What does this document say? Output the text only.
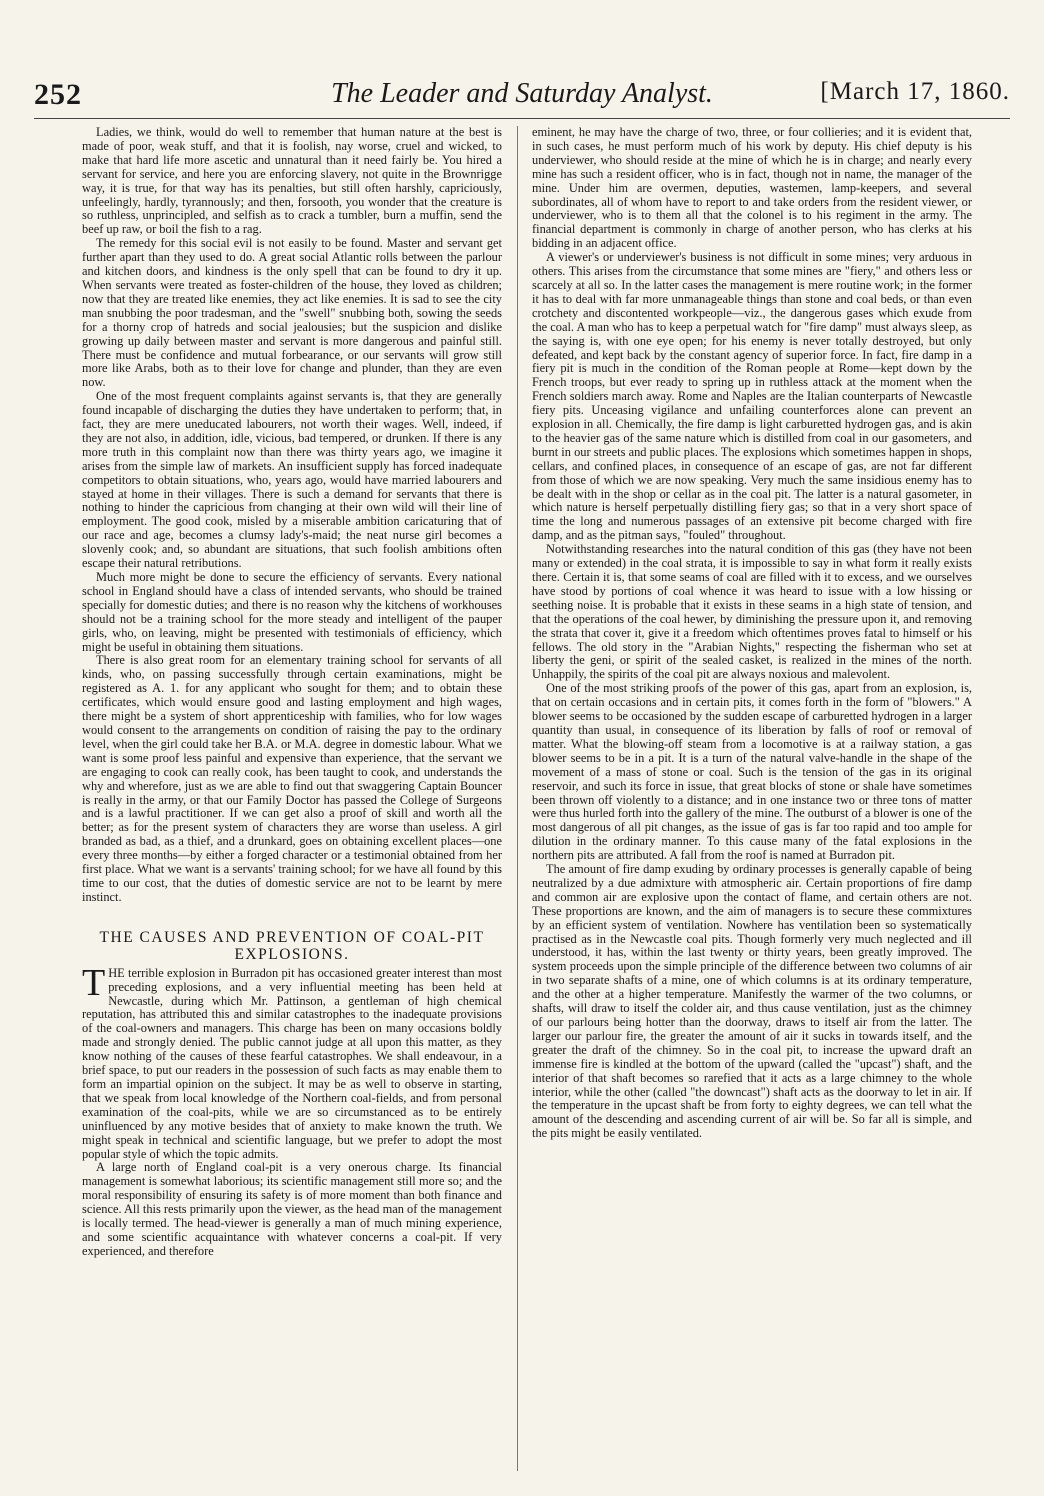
252	The Leader and Saturday Analyst.	[March 17, 1860.

Ladies, we think, would do well to remember that human nature at the best is made of poor, weak stuff, and that it is foolish, nay worse, cruel and wicked, to make that hard life more ascetic and unnatural than it need fairly be. You hired a servant for service, and here you are enforcing slavery, not quite in the Brownrigge way, it is true, for that way has its penalties, but still often harshly, capriciously, unfeelingly, hardly, tyrannously; and then, forsooth, you wonder that the creature is so ruthless, unprincipled, and selfish as to crack a tumbler, burn a muffin, send the beef up raw, or boil the fish to a rag.

The remedy for this social evil is not easily to be found. Master and servant get further apart than they used to do. A great social Atlantic rolls between the parlour and kitchen doors, and kindness is the only spell that can be found to dry it up. When servants were treated as foster-children of the house, they loved as children; now that they are treated like enemies, they act like enemies. It is sad to see the city man snubbing the poor tradesman, and the "swell" snubbing both, sowing the seeds for a thorny crop of hatreds and social jealousies; but the suspicion and dislike growing up daily between master and servant is more dangerous and painful still. There must be confidence and mutual forbearance, or our servants will grow still more like Arabs, both as to their love for change and plunder, than they are even now.

One of the most frequent complaints against servants is, that they are generally found incapable of discharging the duties they have undertaken to perform; that, in fact, they are mere uneducated labourers, not worth their wages. Well, indeed, if they are not also, in addition, idle, vicious, bad tempered, or drunken. If there is any more truth in this complaint now than there was thirty years ago, we imagine it arises from the simple law of markets. An insufficient supply has forced inadequate competitors to obtain situations, who, years ago, would have married labourers and stayed at home in their villages. There is such a demand for servants that there is nothing to hinder the capricious from changing at their own wild will their line of employment. The good cook, misled by a miserable ambition caricaturing that of our race and age, becomes a clumsy lady's-maid; the neat nurse girl becomes a slovenly cook; and, so abundant are situations, that such foolish ambitions often escape their natural retributions.

Much more might be done to secure the efficiency of servants. Every national school in England should have a class of intended servants, who should be trained specially for domestic duties; and there is no reason why the kitchens of workhouses should not be a training school for the more steady and intelligent of the pauper girls, who, on leaving, might be presented with testimonials of efficiency, which might be useful in obtaining them situations.

There is also great room for an elementary training school for servants of all kinds, who, on passing successfully through certain examinations, might be registered as A. 1. for any applicant who sought for them; and to obtain these certificates, which would ensure good and lasting employment and high wages, there might be a system of short apprenticeship with families, who for low wages would consent to the arrangements on condition of raising the pay to the ordinary level, when the girl could take her B.A. or M.A. degree in domestic labour. What we want is some proof less painful and expensive than experience, that the servant we are engaging to cook can really cook, has been taught to cook, and understands the why and wherefore, just as we are able to find out that swaggering Captain Bouncer is really in the army, or that our Family Doctor has passed the College of Surgeons and is a lawful practitioner. If we can get also a proof of skill and worth all the better; as for the present system of characters they are worse than useless. A girl branded as bad, as a thief, and a drunkard, goes on obtaining excellent places—one every three months—by either a forged character or a testimonial obtained from her first place. What we want is a servants' training school; for we have all found by this time to our cost, that the duties of domestic service are not to be learnt by mere instinct.

THE CAUSES AND PREVENTION OF COAL-PIT EXPLOSIONS.

THE terrible explosion in Burradon pit has occasioned greater interest than most preceding explosions, and a very influential meeting has been held at Newcastle, during which Mr. Pattinson, a gentleman of high chemical reputation, has attributed this and similar catastrophes to the inadequate provisions of the coal-owners and managers. This charge has been on many occasions boldly made and strongly denied. The public cannot judge at all upon this matter, as they know nothing of the causes of these fearful catastrophes. We shall endeavour, in a brief space, to put our readers in the possession of such facts as may enable them to form an impartial opinion on the subject. It may be as well to observe in starting, that we speak from local knowledge of the Northern coal-fields, and from personal examination of the coal-pits, while we are so circumstanced as to be entirely uninfluenced by any motive besides that of anxiety to make known the truth. We might speak in technical and scientific language, but we prefer to adopt the most popular style of which the topic admits.

A large north of England coal-pit is a very onerous charge. Its financial management is somewhat laborious; its scientific management still more so; and the moral responsibility of ensuring its safety is of more moment than both finance and science. All this rests primarily upon the viewer, as the head man of the management is locally termed. The head-viewer is generally a man of much mining experience, and some scientific acquaintance with whatever concerns a coal-pit. If very experienced, and therefore

eminent, he may have the charge of two, three, or four collieries; and it is evident that, in such cases, he must perform much of his work by deputy. His chief deputy is his underviewer, who should reside at the mine of which he is in charge; and nearly every mine has such a resident officer, who is in fact, though not in name, the manager of the mine. Under him are overmen, deputies, wastemen, lamp-keepers, and several subordinates, all of whom have to report to and take orders from the resident viewer, or underviewer, who is to them all that the colonel is to his regiment in the army. The financial department is commonly in charge of another person, who has clerks at his bidding in an adjacent office.

A viewer's or underviewer's business is not difficult in some mines; very arduous in others. This arises from the circumstance that some mines are "fiery," and others less or scarcely at all so. In the latter cases the management is mere routine work; in the former it has to deal with far more unmanageable things than stone and coal beds, or than even crotchety and discontented workpeople—viz., the dangerous gases which exude from the coal. A man who has to keep a perpetual watch for "fire damp" must always sleep, as the saying is, with one eye open; for his enemy is never totally destroyed, but only defeated, and kept back by the constant agency of superior force. In fact, fire damp in a fiery pit is much in the condition of the Roman people at Rome—kept down by the French troops, but ever ready to spring up in ruthless attack at the moment when the French soldiers march away. Rome and Naples are the Italian counterparts of Newcastle fiery pits. Unceasing vigilance and unfailing counterforces alone can prevent an explosion in all. Chemically, the fire damp is light carburetted hydrogen gas, and is akin to the heavier gas of the same nature which is distilled from coal in our gasometers, and burnt in our streets and public places. The explosions which sometimes happen in shops, cellars, and confined places, in consequence of an escape of gas, are not far different from those of which we are now speaking. Very much the same insidious enemy has to be dealt with in the shop or cellar as in the coal pit. The latter is a natural gasometer, in which nature is herself perpetually distilling fiery gas; so that in a very short space of time the long and numerous passages of an extensive pit become charged with fire damp, and as the pitman says, "fouled" throughout.

Notwithstanding researches into the natural condition of this gas (they have not been many or extended) in the coal strata, it is impossible to say in what form it really exists there. Certain it is, that some seams of coal are filled with it to excess, and we ourselves have stood by portions of coal whence it was heard to issue with a low hissing or seething noise. It is probable that it exists in these seams in a high state of tension, and that the operations of the coal hewer, by diminishing the pressure upon it, and removing the strata that cover it, give it a freedom which oftentimes proves fatal to himself or his fellows. The old story in the "Arabian Nights," respecting the fisherman who set at liberty the geni, or spirit of the sealed casket, is realized in the mines of the north. Unhappily, the spirits of the coal pit are always noxious and malevolent.

One of the most striking proofs of the power of this gas, apart from an explosion, is, that on certain occasions and in certain pits, it comes forth in the form of "blowers." A blower seems to be occasioned by the sudden escape of carburetted hydrogen in a larger quantity than usual, in consequence of its liberation by falls of roof or removal of matter. What the blowing-off steam from a locomotive is at a railway station, a gas blower seems to be in a pit. It is a turn of the natural valve-handle in the shape of the movement of a mass of stone or coal. Such is the tension of the gas in its original reservoir, and such its force in issue, that great blocks of stone or shale have sometimes been thrown off violently to a distance; and in one instance two or three tons of matter were thus hurled forth into the gallery of the mine. The outburst of a blower is one of the most dangerous of all pit changes, as the issue of gas is far too rapid and too ample for dilution in the ordinary manner. To this cause many of the fatal explosions in the northern pits are attributed. A fall from the roof is named at Burradon pit.

The amount of fire damp exuding by ordinary processes is generally capable of being neutralized by a due admixture with atmospheric air. Certain proportions of fire damp and common air are explosive upon the contact of flame, and certain others are not. These proportions are known, and the aim of managers is to secure these commixtures by an efficient system of ventilation. Nowhere has ventilation been so systematically practised as in the Newcastle coal pits. Though formerly very much neglected and ill understood, it has, within the last twenty or thirty years, been greatly improved. The system proceeds upon the simple principle of the difference between two columns of air in two separate shafts of a mine, one of which columns is at its ordinary temperature, and the other at a higher temperature. Manifestly the warmer of the two columns, or shafts, will draw to itself the colder air, and thus cause ventilation, just as the chimney of our parlours being hotter than the doorway, draws to itself air from the latter. The larger our parlour fire, the greater the amount of air it sucks in towards itself, and the greater the draft of the chimney. So in the coal pit, to increase the upward draft an immense fire is kindled at the bottom of the upward (called the "upcast") shaft, and the interior of that shaft becomes so rarefied that it acts as a large chimney to the whole interior, while the other (called "the downcast") shaft acts as the doorway to let in air. If the temperature in the upcast shaft be from forty to eighty degrees, we can tell what the amount of the descending and ascending current of air will be. So far all is simple, and the pits might be easily ventilated.
